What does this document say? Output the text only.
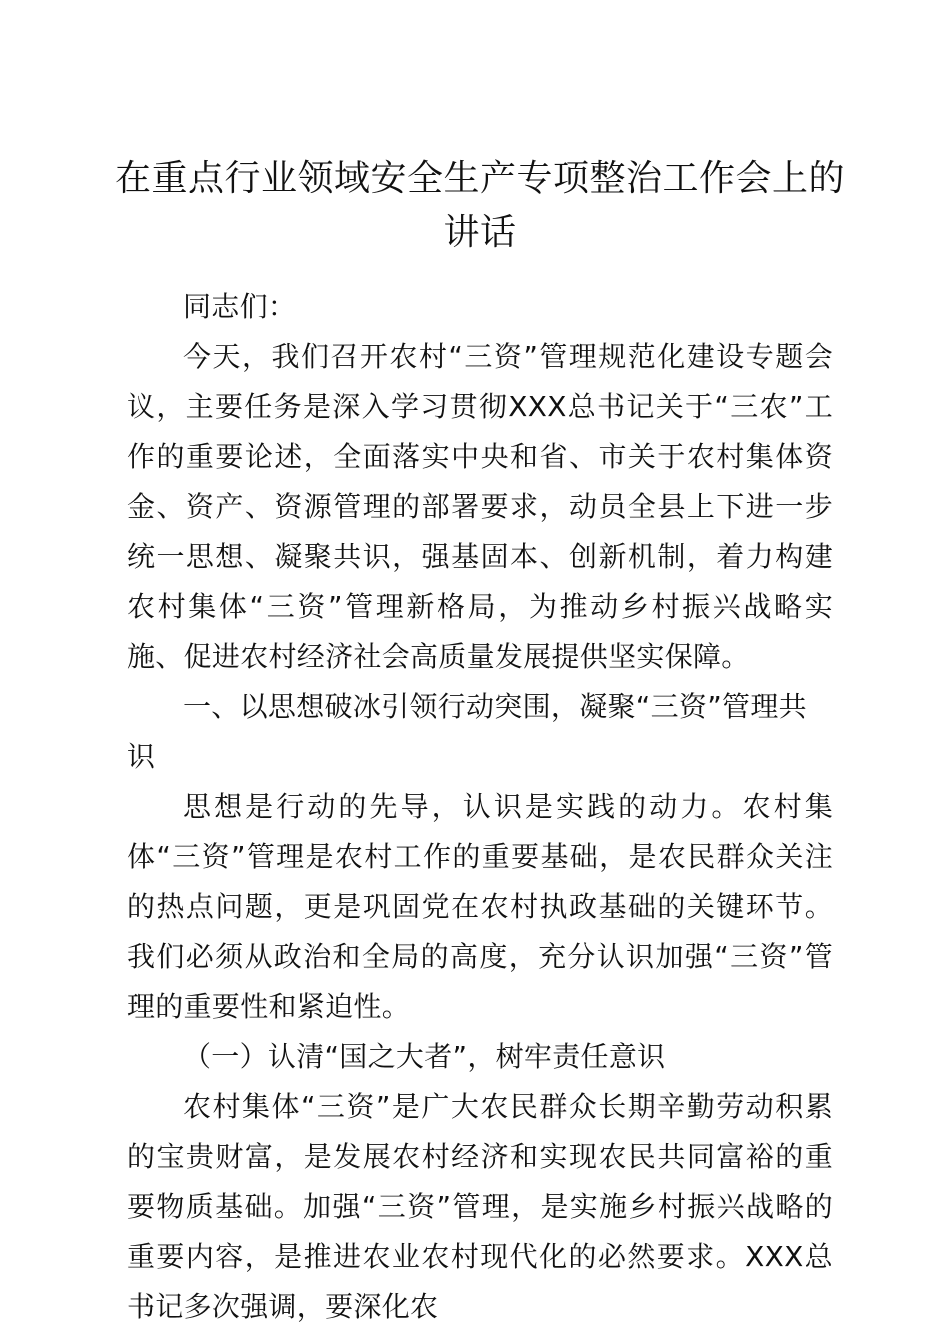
在重点行业领域安全生产专项整治工作会上的讲话

同志们：

今天，我们召开农村“三资”管理规范化建设专题会议，主要任务是深入学习贯彻XXX总书记关于“三农”工作的重要论述，全面落实中央和省、市关于农村集体资金、资产、资源管理的部署要求，动员全县上下进一步统一思想、凝聚共识，强基固本、创新机制，着力构建农村集体“三资”管理新格局，为推动乡村振兴战略实施、促进农村经济社会高质量发展提供坚实保障。

一、以思想破冰引领行动突围，凝聚“三资”管理共识

思想是行动的先导，认识是实践的动力。农村集体“三资”管理是农村工作的重要基础，是农民群众关注的热点问题，更是巩固党在农村执政基础的关键环节。我们必须从政治和全局的高度，充分认识加强“三资”管理的重要性和紧迫性。

（一）认清“国之大者”，树牢责任意识

农村集体“三资”是广大农民群众长期辛勤劳动积累的宝贵财富，是发展农村经济和实现农民共同富裕的重要物质基础。加强“三资”管理，是实施乡村振兴战略的重要内容，是推进农业农村现代化的必然要求。XXX总书记多次强调，要深化农
